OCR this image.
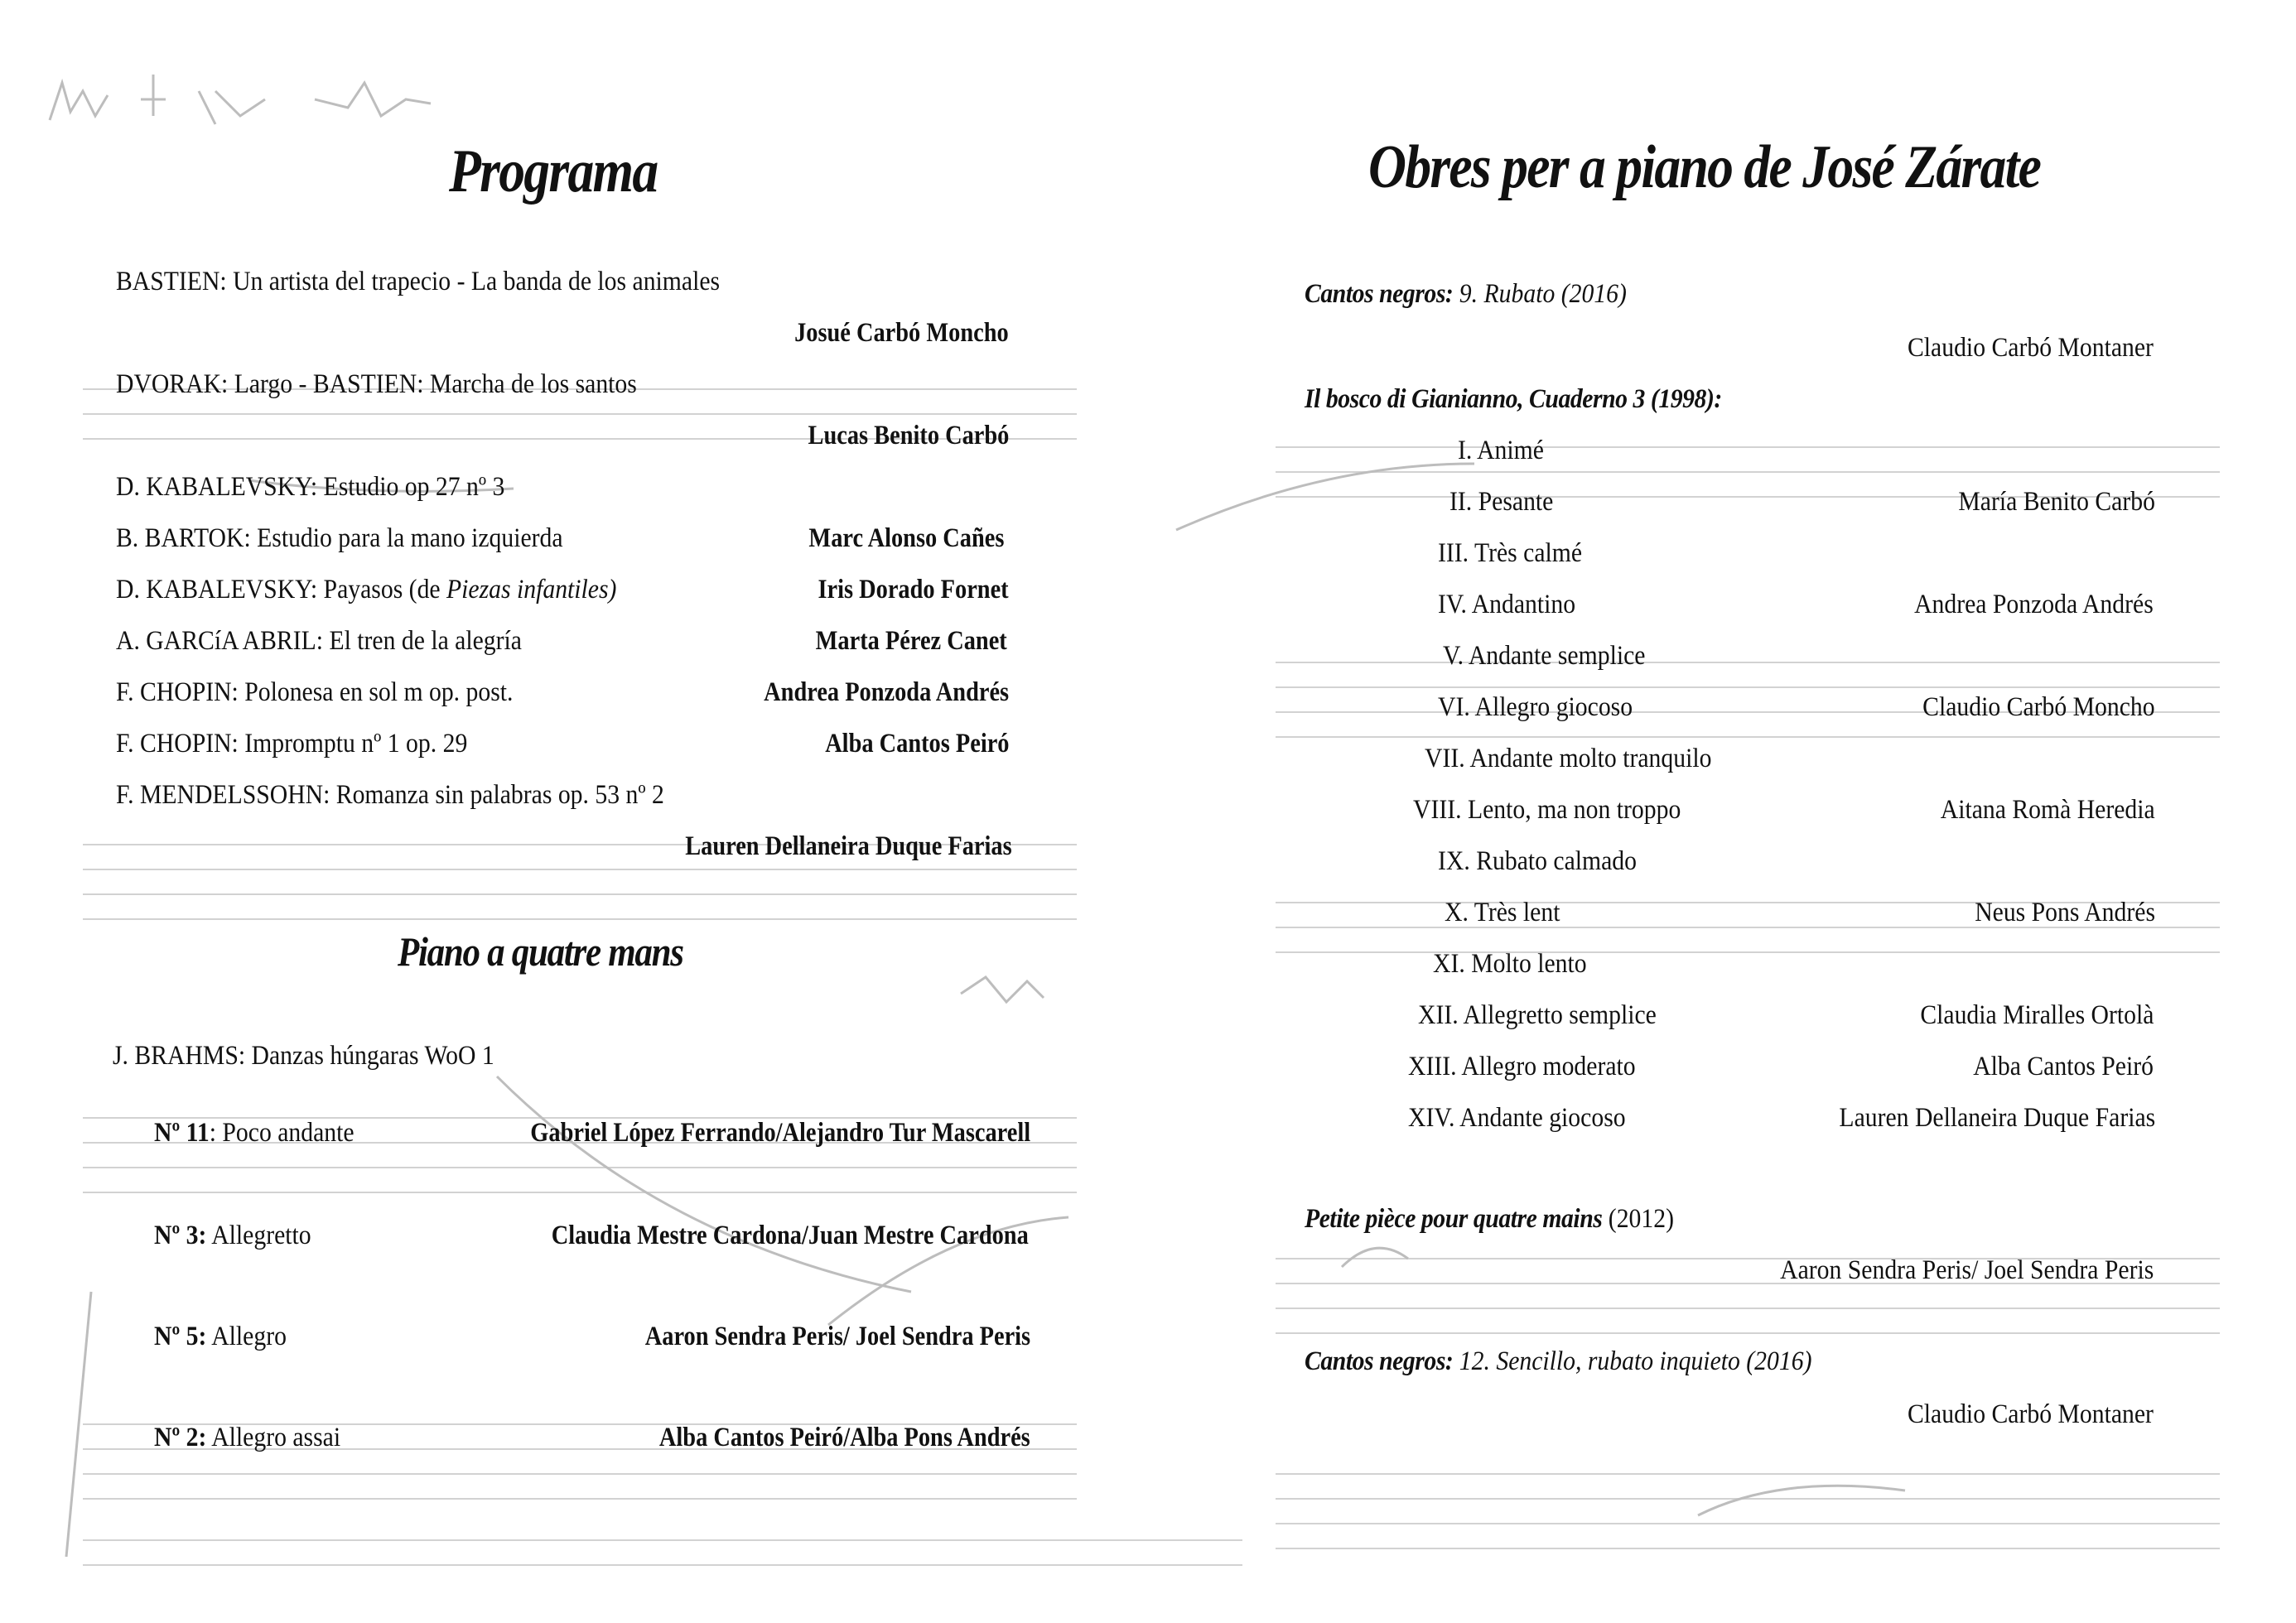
Programa
BASTIEN: Un artista del trapecio - La banda de los animales
Josué Carbó Moncho
DVORAK: Largo - BASTIEN: Marcha de los santos
Lucas Benito Carbó
D. KABALEVSKY: Estudio op 27 nº 3
B. BARTOK: Estudio para la mano izquierda	Marc Alonso Cañes
D. KABALEVSKY: Payasos (de Piezas infantiles)	Iris Dorado Fornet
A. GARCíA ABRIL: El tren de la alegría	Marta Pérez Canet
F. CHOPIN: Polonesa en sol m op. post.	Andrea Ponzoda Andrés
F. CHOPIN: Impromptu nº 1 op. 29	Alba Cantos Peiró
F. MENDELSSOHN: Romanza sin palabras op. 53 nº 2
Lauren Dellaneira Duque Farias
Piano a quatre mans
J. BRAHMS: Danzas húngaras WoO 1
Nº 11: Poco andante	Gabriel López Ferrando/Alejandro Tur Mascarell
Nº 3: Allegretto	Claudia Mestre Cardona/Juan Mestre Cardona
Nº 5: Allegro	Aaron Sendra Peris/ Joel Sendra Peris
Nº 2: Allegro assai	Alba Cantos Peiró/Alba Pons Andrés
Obres per a piano de José Zárate
Cantos negros: 9. Rubato (2016)
Claudio Carbó Montaner
Il bosco di Gianianno, Cuaderno 3 (1998):
I. Animé
II. Pesante	María Benito Carbó
III. Très calmé
IV. Andantino	Andrea Ponzoda Andrés
V. Andante semplice
VI. Allegro giocoso	Claudio Carbó Moncho
VII. Andante molto tranquilo
VIII. Lento, ma non troppo	Aitana Romà Heredia
IX. Rubato calmado
X. Très lent	Neus Pons Andrés
XI. Molto lento
XII. Allegretto semplice	Claudia Miralles Ortolà
XIII. Allegro moderato	Alba Cantos Peiró
XIV. Andante giocoso	Lauren Dellaneira Duque Farias
Petite pièce pour quatre mains (2012)
Aaron Sendra Peris/ Joel Sendra Peris
Cantos negros: 12. Sencillo, rubato inquieto (2016)
Claudio Carbó Montaner
